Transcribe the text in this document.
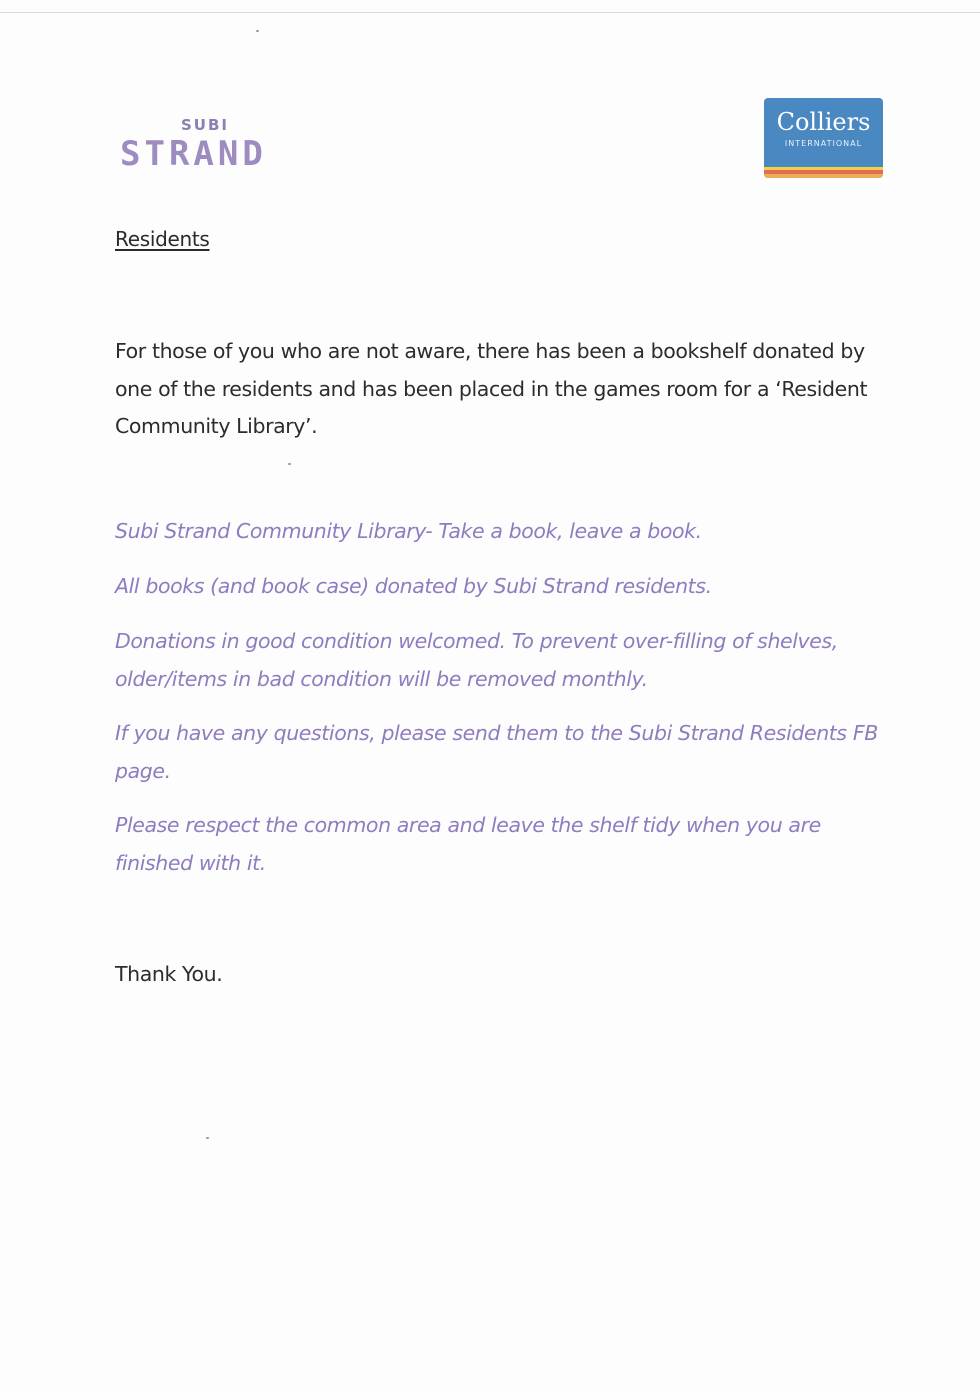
SUBI
STRAND
Colliers
INTERNATIONAL
Residents

For those of you who are not aware, there has been a bookshelf donated by one of the residents and has been placed in the games room for a ‘Resident Community Library’.

Subi Strand Community Library- Take a book, leave a book.

All books (and book case) donated by Subi Strand residents.

Donations in good condition welcomed. To prevent over-filling of shelves, older/items in bad condition will be removed monthly.

If you have any questions, please send them to the Subi Strand Residents FB page.

Please respect the common area and leave the shelf tidy when you are finished with it.

Thank You.
